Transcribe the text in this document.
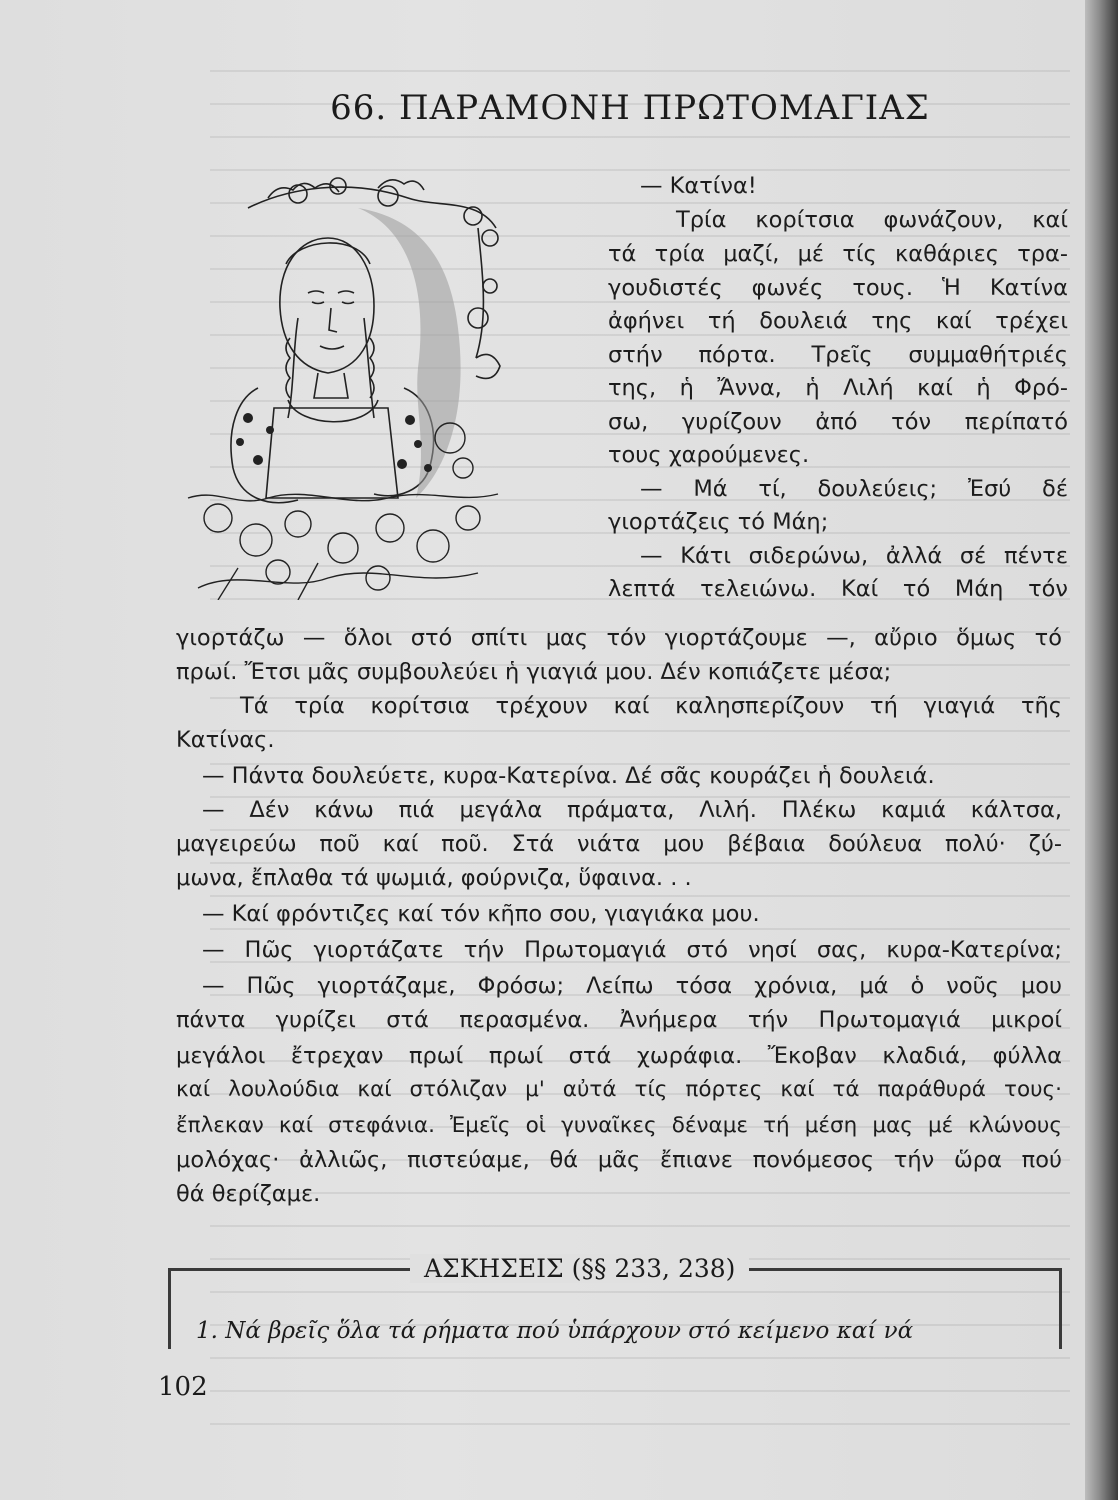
66. ΠΑΡΑΜΟΝΗ ΠΡΩΤΟΜΑΓΙΑΣ
— Κατίνα!
Τρία κορίτσια φωνάζουν, καί
τά τρία μαζί, μέ τίς καθάριες τρα-
γουδιστές φωνές τους. Ἡ Κατίνα
ἀφήνει τή δουλειά της καί τρέχει
στήν πόρτα. Τρεῖς συμμαθήτριές
της, ἡ Ἄννα, ἡ Λιλή καί ἡ Φρό-
σω, γυρίζουν ἀπό τόν περίπατό
τους χαρούμενες.
— Μά τί, δουλεύεις; Ἐσύ δέ
γιορτάζεις τό Μάη;
— Κάτι σιδερώνω, ἀλλά σέ πέντε
λεπτά τελειώνω. Καί τό Μάη τόν
γιορτάζω — ὅλοι στό σπίτι μας τόν γιορτάζουμε —, αὔριο ὅμως τό
πρωί. Ἔτσι μᾶς συμβουλεύει ἡ γιαγιά μου. Δέν κοπιάζετε μέσα;
Τά τρία κορίτσια τρέχουν καί καλησπερίζουν τή γιαγιά τῆς
Κατίνας.
— Πάντα δουλεύετε, κυρα-Κατερίνα. Δέ σᾶς κουράζει ἡ δουλειά.
— Δέν κάνω πιά μεγάλα πράματα, Λιλή. Πλέκω καμιά κάλτσα,
μαγειρεύω ποῦ καί ποῦ. Στά νιάτα μου βέβαια δούλευα πολύ· ζύ-
μωνα, ἔπλαθα τά ψωμιά, φούρνιζα, ὕφαινα. . .
— Καί φρόντιζες καί τόν κῆπο σου, γιαγιάκα μου.
— Πῶς γιορτάζατε τήν Πρωτομαγιά στό νησί σας, κυρα-Κατερίνα;
— Πῶς γιορτάζαμε, Φρόσω; Λείπω τόσα χρόνια, μά ὁ νοῦς μου
πάντα γυρίζει στά περασμένα. Ἀνήμερα τήν Πρωτομαγιά μικροί
μεγάλοι ἔτρεχαν πρωί πρωί στά χωράφια. Ἔκοβαν κλαδιά, φύλλα
καί λουλούδια καί στόλιζαν μ' αὐτά τίς πόρτες καί τά παράθυρά τους·
ἔπλεκαν καί στεφάνια. Ἐμεῖς οἱ γυναῖκες δέναμε τή μέση μας μέ κλώνους
μολόχας· ἀλλιῶς, πιστεύαμε, θά μᾶς ἔπιανε πονόμεσος τήν ὥρα πού
θά θερίζαμε.
ΑΣΚΗΣΕΙΣ (§§ 233, 238)
1. Νά βρεῖς ὅλα τά ρήματα πού ὑπάρχουν στό κείμενο καί νά
102
